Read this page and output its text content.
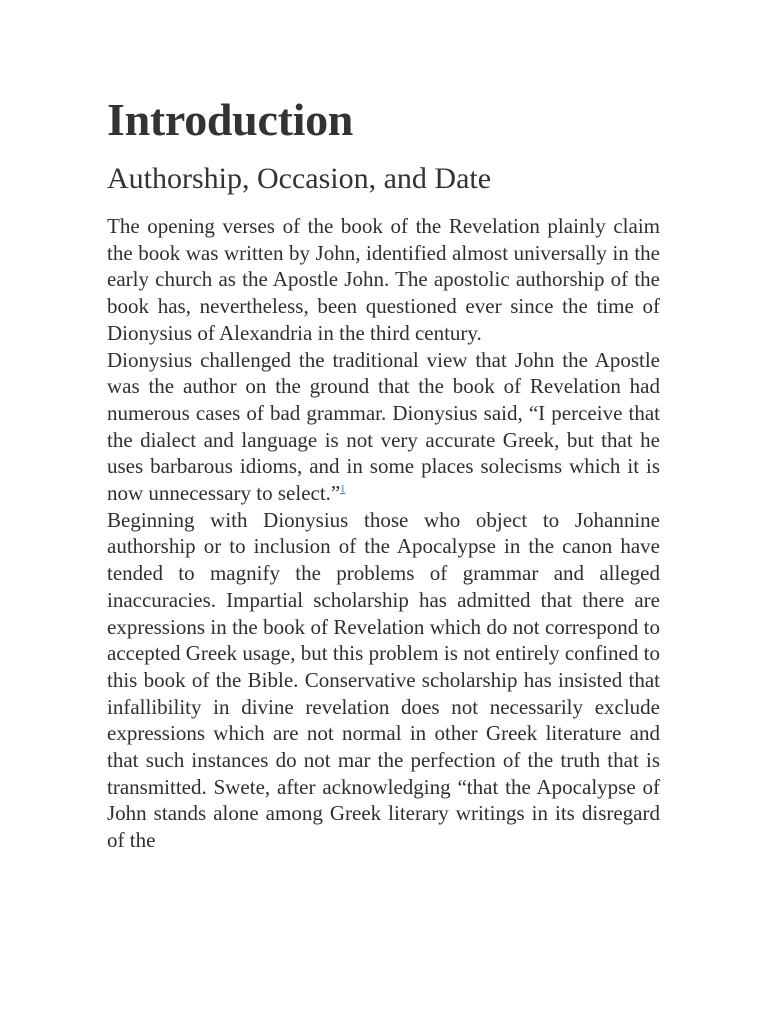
Introduction
Authorship, Occasion, and Date

The opening verses of the book of the Revelation plainly claim the book was written by John, identified almost universally in the early church as the Apostle John. The apostolic authorship of the book has, nevertheless, been questioned ever since the time of Dionysius of Alexandria in the third century.

Dionysius challenged the traditional view that John the Apostle was the author on the ground that the book of Revelation had numerous cases of bad grammar. Dionysius said, “I perceive that the dialect and language is not very accurate Greek, but that he uses barbarous idioms, and in some places solecisms which it is now unnecessary to select.”$^1$

Beginning with Dionysius those who object to Johannine authorship or to inclusion of the Apocalypse in the canon have tended to magnify the problems of grammar and alleged inaccuracies. Impartial scholarship has admitted that there are expressions in the book of Revelation which do not correspond to accepted Greek usage, but this problem is not entirely confined to this book of the Bible. Conservative scholarship has insisted that infallibility in divine revelation does not necessarily exclude expressions which are not normal in other Greek literature and that such instances do not mar the perfection of the truth that is transmitted. Swete, after acknowledging “that the Apocalypse of John stands alone among Greek literary writings in its disregard of the
